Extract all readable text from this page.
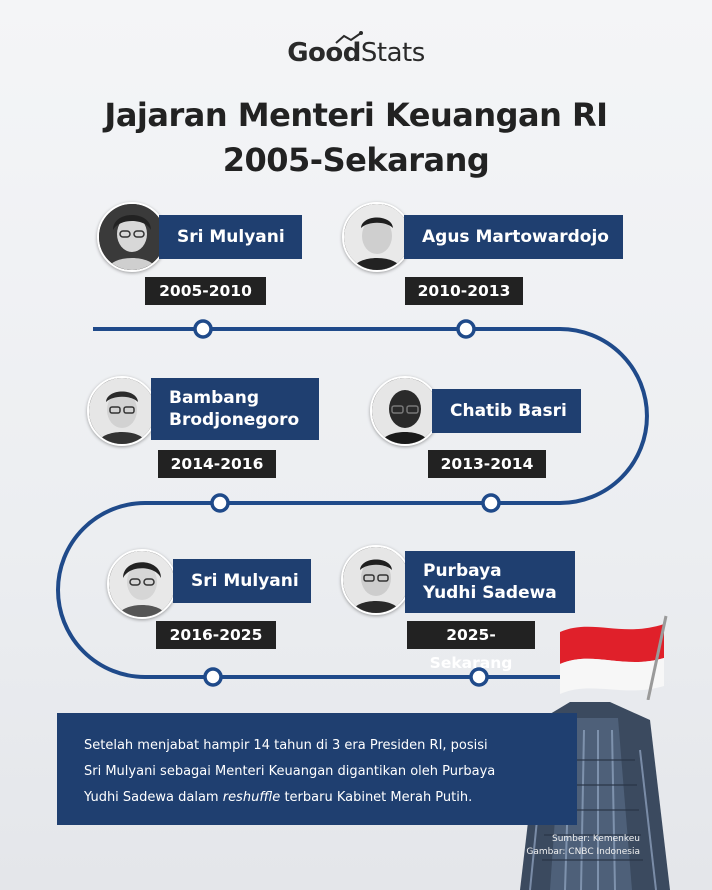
GoodStats
Jajaran Menteri Keuangan RI
2005-Sekarang
Sri Mulyani
2005-2010
Agus Martowardojo
2010-2013
Bambang
Brodjonegoro
2014-2016
Chatib Basri
2013-2014
Sri Mulyani
2016-2025
Purbaya
Yudhi Sadewa
2025-Sekarang
Setelah menjabat hampir 14 tahun di 3 era Presiden RI, posisi
Sri Mulyani sebagai Menteri Keuangan digantikan oleh Purbaya
Yudhi Sadewa dalam reshuffle terbaru Kabinet Merah Putih.
Sumber: Kemenkeu
Gambar: CNBC Indonesia
